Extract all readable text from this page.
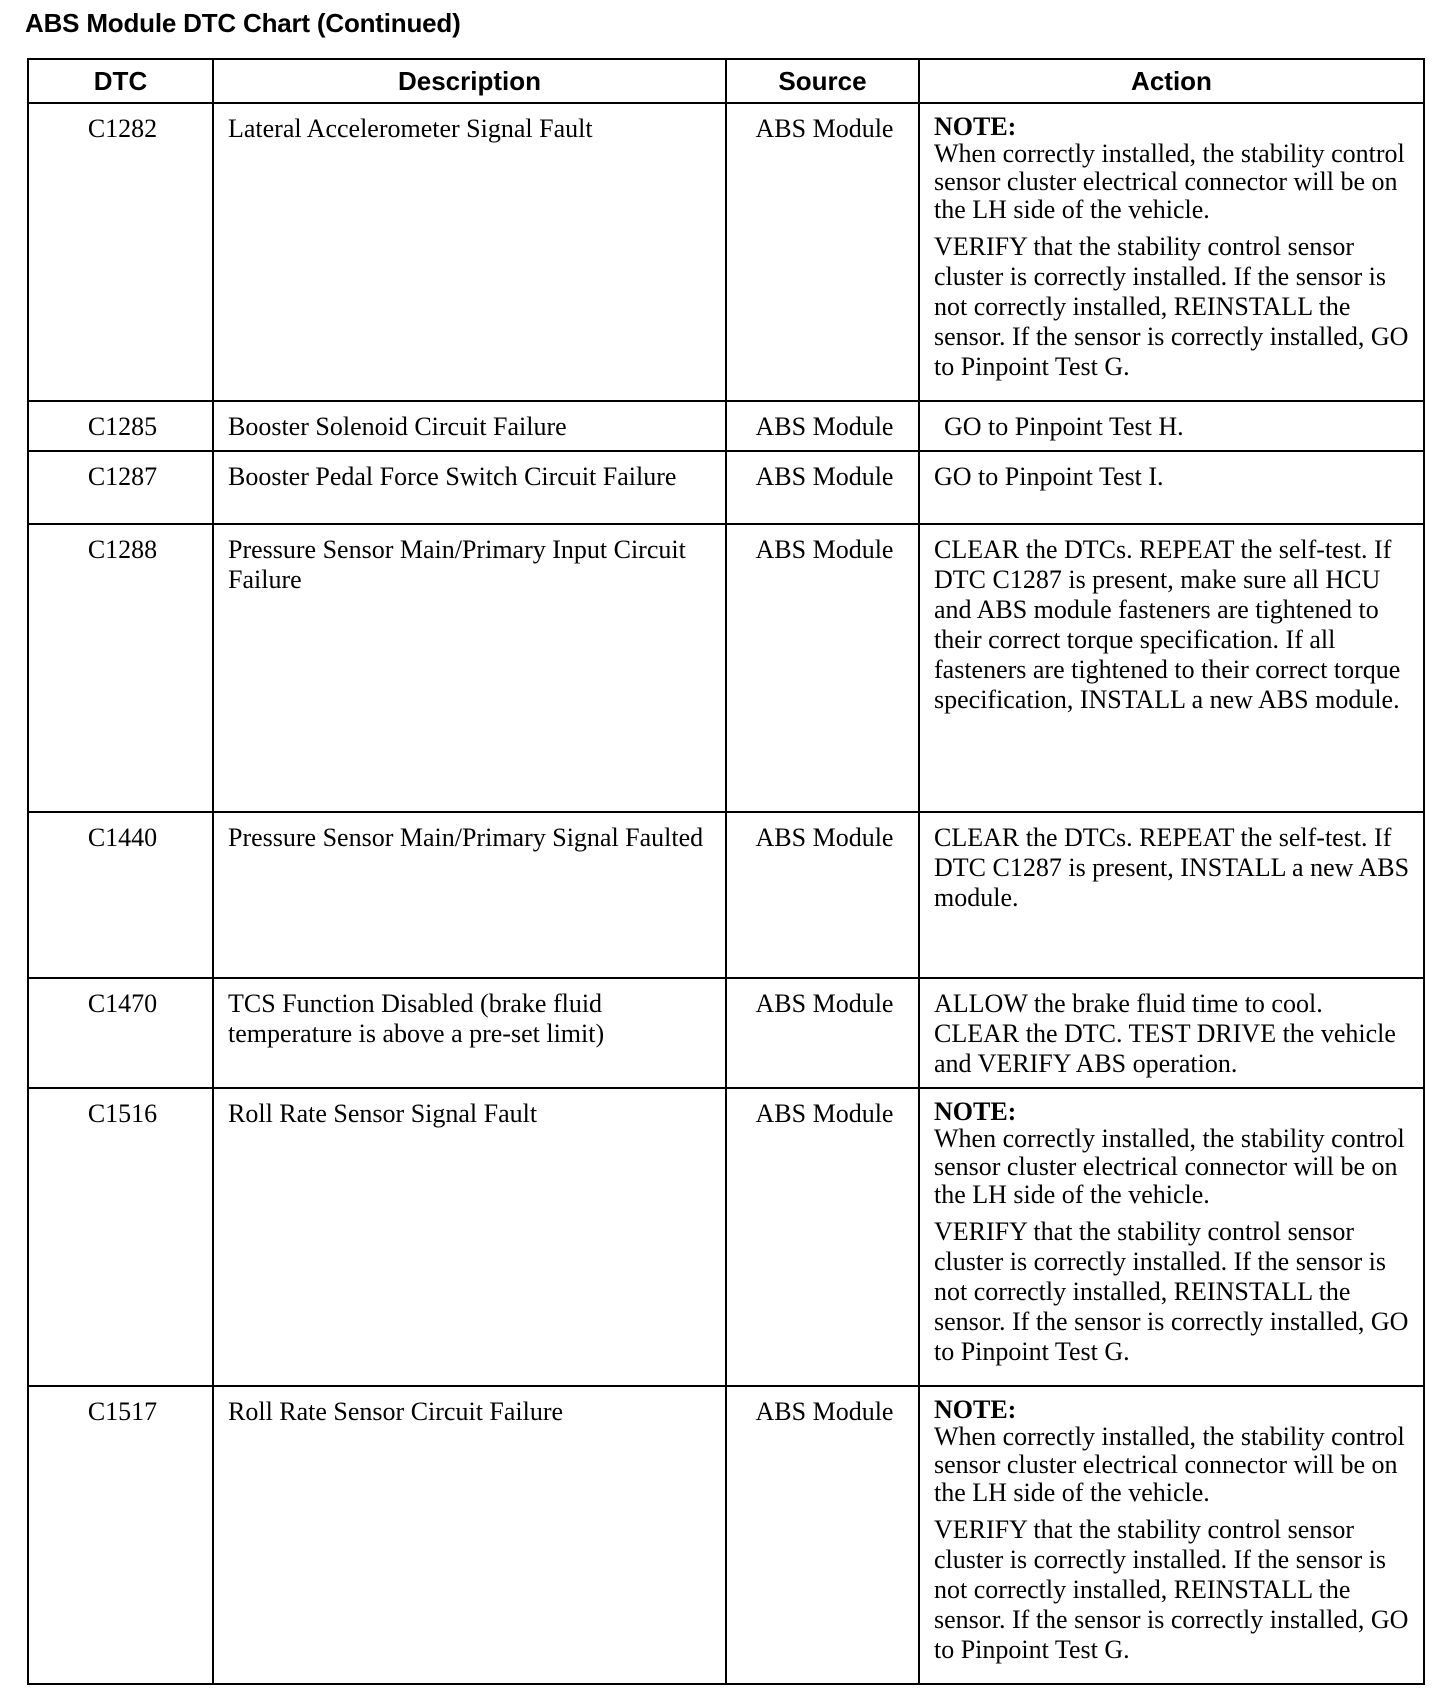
ABS Module DTC Chart (Continued)
DTC	Description	Source	Action
C1282	Lateral Accelerometer Signal Fault	ABS Module	NOTE:
When correctly installed, the stability control sensor cluster electrical connector will be on the LH side of the vehicle.
VERIFY that the stability control sensor cluster is correctly installed. If the sensor is not correctly installed, REINSTALL the sensor. If the sensor is correctly installed, GO to Pinpoint Test G.

C1285	Booster Solenoid Circuit Failure	ABS Module	GO to Pinpoint Test H.

C1287	Booster Pedal Force Switch Circuit Failure	ABS Module	GO to Pinpoint Test I.

C1288	Pressure Sensor Main/Primary Input Circuit Failure	ABS Module	CLEAR the DTCs. REPEAT the self-test. If DTC C1287 is present, make sure all HCU and ABS module fasteners are tightened to their correct torque specification. If all fasteners are tightened to their correct torque specification, INSTALL a new ABS module.

C1440	Pressure Sensor Main/Primary Signal Faulted	ABS Module	CLEAR the DTCs. REPEAT the self-test. If DTC C1287 is present, INSTALL a new ABS module.

C1470	TCS Function Disabled (brake fluid temperature is above a pre-set limit)	ABS Module	ALLOW the brake fluid time to cool. CLEAR the DTC. TEST DRIVE the vehicle and VERIFY ABS operation.

C1516	Roll Rate Sensor Signal Fault	ABS Module	NOTE:
When correctly installed, the stability control sensor cluster electrical connector will be on the LH side of the vehicle.
VERIFY that the stability control sensor cluster is correctly installed. If the sensor is not correctly installed, REINSTALL the sensor. If the sensor is correctly installed, GO to Pinpoint Test G.

C1517	Roll Rate Sensor Circuit Failure	ABS Module	NOTE:
When correctly installed, the stability control sensor cluster electrical connector will be on the LH side of the vehicle.
VERIFY that the stability control sensor cluster is correctly installed. If the sensor is not correctly installed, REINSTALL the sensor. If the sensor is correctly installed, GO to Pinpoint Test G.
